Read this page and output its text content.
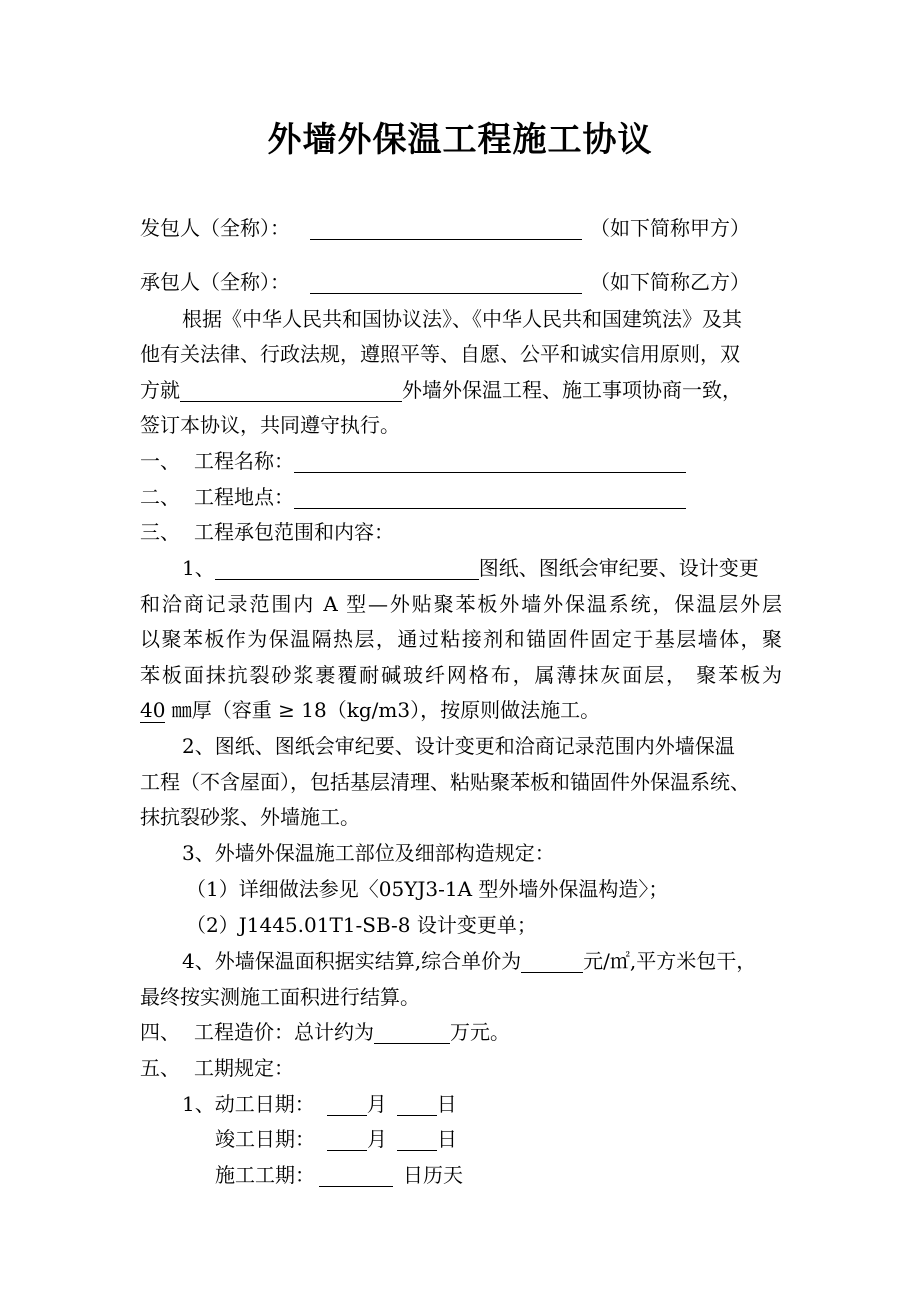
外墙外保温工程施工协议
发包人（全称）：	（如下简称甲方）
承包人（全称）：	（如下简称乙方）
根据《中华人民共和国协议法》、《中华人民共和国建筑法》及其
他有关法律、行政法规，遵照平等、自愿、公平和诚实信用原则，双
方就	外墙外保温工程、施工事项协商一致，
签订本协议，共同遵守执行。
一、 工程名称：
二、 工程地点：
三、 工程承包范围和内容：
1、	图纸、图纸会审纪要、设计变更
和洽商记录范围内 A 型—外贴聚苯板外墙外保温系统，保温层外层
以聚苯板作为保温隔热层，通过粘接剂和锚固件固定于基层墙体，聚
苯板面抹抗裂砂浆裹覆耐碱玻纤网格布，属薄抹灰面层， 聚苯板为
40 ㎜厚（容重 ≥ 18（kg/m3），按原则做法施工。
2、图纸、图纸会审纪要、设计变更和洽商记录范围内外墙保温
工程（不含屋面），包括基层清理、粘贴聚苯板和锚固件外保温系统、
抹抗裂砂浆、外墙施工。
3、外墙外保温施工部位及细部构造规定：
（1）详细做法参见〈05YJ3-1A 型外墙外保温构造〉；
（2）J1445.01T1-SB-8 设计变更单；
4、外墙保温面积据实结算,综合单价为	元/㎡,平方米包干，
最终按实测施工面积进行结算。
四、 工程造价：总计约为	万元。
五、 工期规定：
1、动工日期：	月	日
竣工日期：	月	日
施工工期：	日历天
